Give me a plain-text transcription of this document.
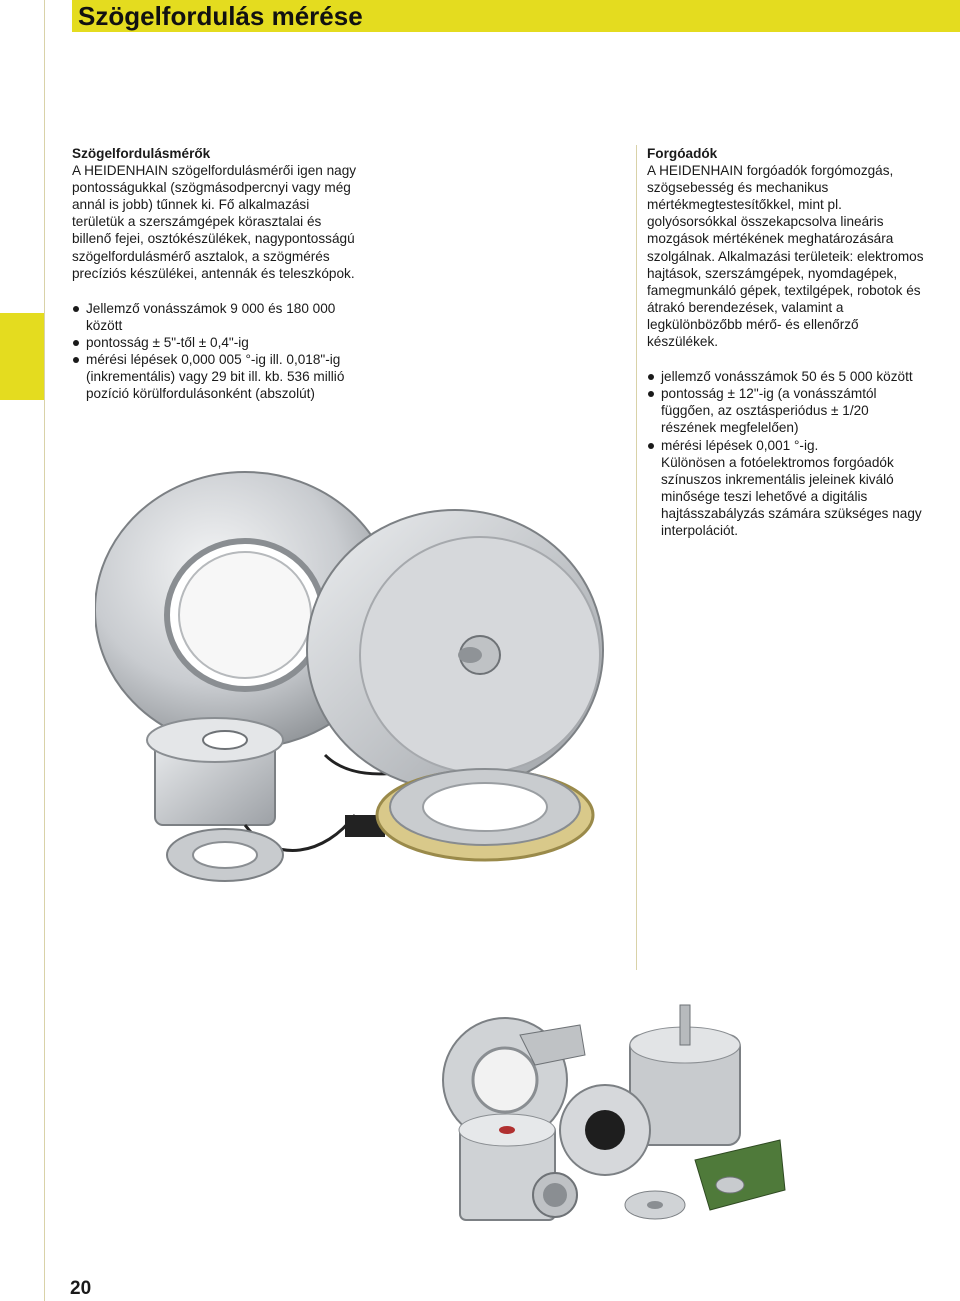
Szögelfordulás mérése

Szögelfordulásmérők

A HEIDENHAIN szögelfordulásmérői igen nagy pontosságukkal (szögmásodpercnyi vagy még annál is jobb) tűnnek ki. Fő alkalmazási területük a szerszámgépek körasztalai és billenő fejei, osztókészülékek, nagypontosságú szögelfordulásmérő asztalok, a szögmérés precíziós készülékei, antennák és teleszkópok.

Jellemző vonásszámok 9 000 és 180 000 között
pontosság ± 5"-től ± 0,4"-ig
mérési lépések 0,000 005 °-ig ill. 0,018"-ig (inkrementális) vagy 29 bit ill. kb. 536 millió pozíció körülfordulásonként (abszolút)

Forgóadók

A HEIDENHAIN forgóadók forgómozgás, szögsebesség és mechanikus mértékmegtestesítőkkel, mint pl. golyósorsókkal összekapcsolva lineáris mozgások mértékének meghatározására szolgálnak. Alkalmazási területeik: elektromos hajtások, szerszámgépek, nyomdagépek, famegmunkáló gépek, textilgépek, robotok és átrakó berendezések, valamint a legkülönbözőbb mérő- és ellenőrző készülékek.

jellemző vonásszámok 50 és 5 000 között
pontosság ± 12"-ig (a vonásszámtól függően, az osztásperiódus ± 1/20 részének megfelelően)
mérési lépések 0,001 °-ig.

Különösen a fotóelektromos forgóadók színuszos inkrementális jeleinek kiváló minősége teszi lehetővé a digitális hajtásszabályzás számára szükséges nagy interpolációt.

20
